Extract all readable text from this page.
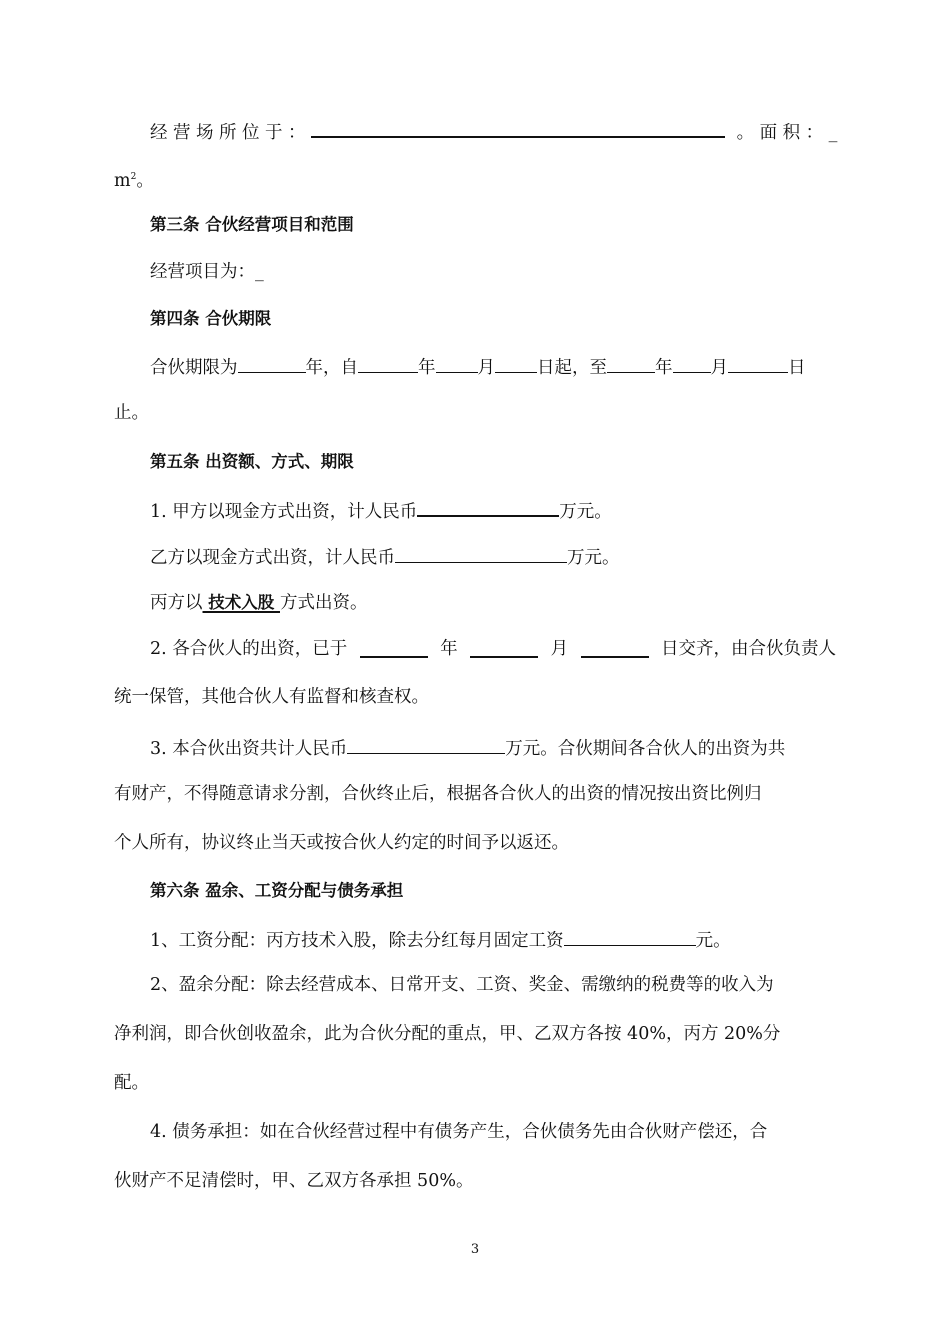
经营场所位于：	。面积：_
$m^2$。
第三条 合伙经营项目和范围
经营项目为：_
第四条 合伙期限
合伙期限为	年，自	年 月 日起，至	年 月	日
止。
第五条 出资额、方式、期限
1. 甲方以现金方式出资，计人民币	万元。
乙方以现金方式出资，计人民币	万元。
丙方以 技术入股 方式出资。
2. 各合伙人的出资，已于	年	月	日交齐，由合伙负责人
统一保管，其他合伙人有监督和核查权。
3. 本合伙出资共计人民币	万元。合伙期间各合伙人的出资为共
有财产，不得随意请求分割，合伙终止后，根据各合伙人的出资的情况按出资比例归
个人所有，协议终止当天或按合伙人约定的时间予以返还。
第六条 盈余、工资分配与债务承担
1、工资分配：丙方技术入股，除去分红每月固定工资	元。
2、盈余分配：除去经营成本、日常开支、工资、奖金、需缴纳的税费等的收入为
净利润，即合伙创收盈余，此为合伙分配的重点，甲、乙双方各按 40%，丙方 20%分
配。
4. 债务承担：如在合伙经营过程中有债务产生，合伙债务先由合伙财产偿还，合
伙财产不足清偿时，甲、乙双方各承担 50%。
3
